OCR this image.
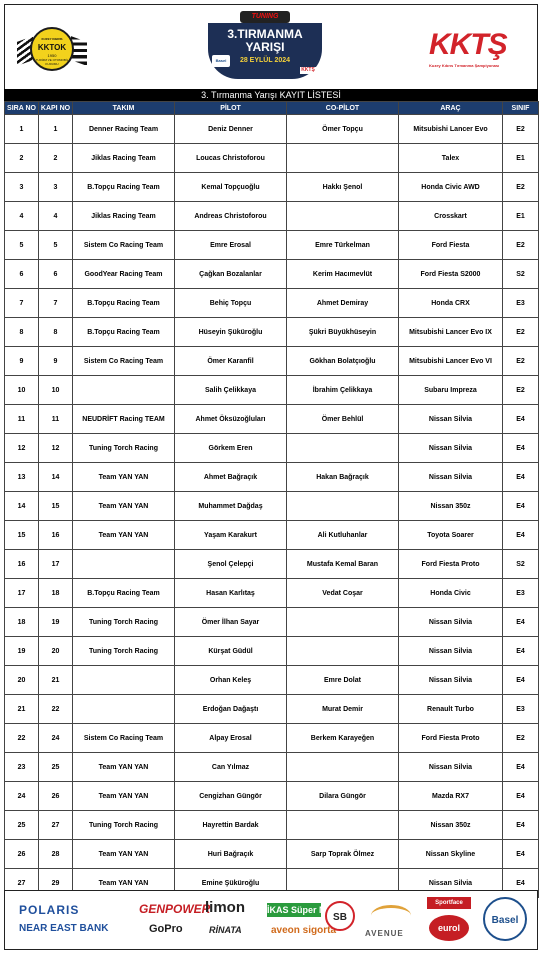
KUZEY KIBRIS
KKTOK
1950
TURİZM VE OTOMOBİL KURUMU
TUNING
3.TIRMANMA
YARIŞI
28 EYLÜL 2024
Basel
KKTŞ
KKTŞ
Kuzey Kıbrıs Tırmanma Şampiyonası
3. Tırmanma Yarışı KAYIT LİSTESİ
SIRA NO	KAPI NO	TAKIM	PİLOT	CO-PİLOT	ARAÇ	SINIF
1	1	Denner Racing Team	Deniz Denner	Ömer Topçu	Mitsubishi Lancer Evo	E2
2	2	Jiklas Racing Team	Loucas Christoforou		Talex	E1
3	3	B.Topçu Racing Team	Kemal Topçuoğlu	Hakkı Şenol	Honda Civic AWD	E2
4	4	Jiklas Racing Team	Andreas Christoforou		Crosskart	E1
5	5	Sistem Co Racing Team	Emre Erosal	Emre Türkelman	Ford Fiesta	E2
6	6	GoodYear Racing Team	Çağkan Bozalanlar	Kerim Hacımevlüt	Ford Fiesta S2000	S2
7	7	B.Topçu Racing Team	Behiç Topçu	Ahmet Demiray	Honda CRX	E3
8	8	B.Topçu Racing Team	Hüseyin Şükürоğlu	Şükri Büyükhüseyin	Mitsubishi Lancer Evo IX	E2
9	9	Sistem Co Racing Team	Ömer Karanfil	Gökhan Bolatçıoğlu	Mitsubishi Lancer Evo VI	E2
10	10		Salih Çelikkaya	İbrahim Çelikkaya	Subaru Impreza	E2
11	11	NEUDRİFT Racing TEAM	Ahmet Öksüzoğluları	Ömer Behlül	Nissan Silvia	E4
12	12	Tuning Torch Racing	Görkem Eren		Nissan Silvia	E4
13	14	Team YAN YAN	Ahmet Bağraçık	Hakan Bağraçık	Nissan Silvia	E4
14	15	Team YAN YAN	Muhammet Dağdaş		Nissan 350z	E4
15	16	Team YAN YAN	Yaşam Karakurt	Ali Kutluhanlar	Toyota Soarer	E4
16	17		Şenol Çelepçi	Mustafa Kemal Baran	Ford Fiesta Proto	S2
17	18	B.Topçu Racing Team	Hasan Karlıtaş	Vedat Coşar	Honda Civic	E3
18	19	Tuning Torch Racing	Ömer İlhan Sayar		Nissan Silvia	E4
19	20	Tuning Torch Racing	Kürşat Güdül		Nissan Silvia	E4
20	21		Orhan Keleş	Emre Dolat	Nissan Silvia	E4
21	22		Erdoğan Dağaştı	Murat Demir	Renault Turbo	E3
22	24	Sistem Co Racing Team	Alpay Erosal	Berkem Karayeğen	Ford Fiesta Proto	E2
23	25	Team YAN YAN	Can Yılmaz		Nissan Silvia	E4
24	26	Team YAN YAN	Cengizhan Güngör	Dilara Güngör	Mazda RX7	E4
25	27	Tuning Torch Racing	Hayrettin Bardak		Nissan 350z	E4
26	28	Team YAN YAN	Huri Bağraçık	Sarp Toprak Ölmez	Nissan Skyline	E4
27	29	Team YAN YAN	Emine Şükürоğlu		Nissan Silvia	E4
POLARIS
NEAR EAST BANK
GENPOWER
GoPro
limon
RİNATA
İKAS Süper Market
aveon sigorta
SB
AVENUE
Sportface
eurol
Basel
